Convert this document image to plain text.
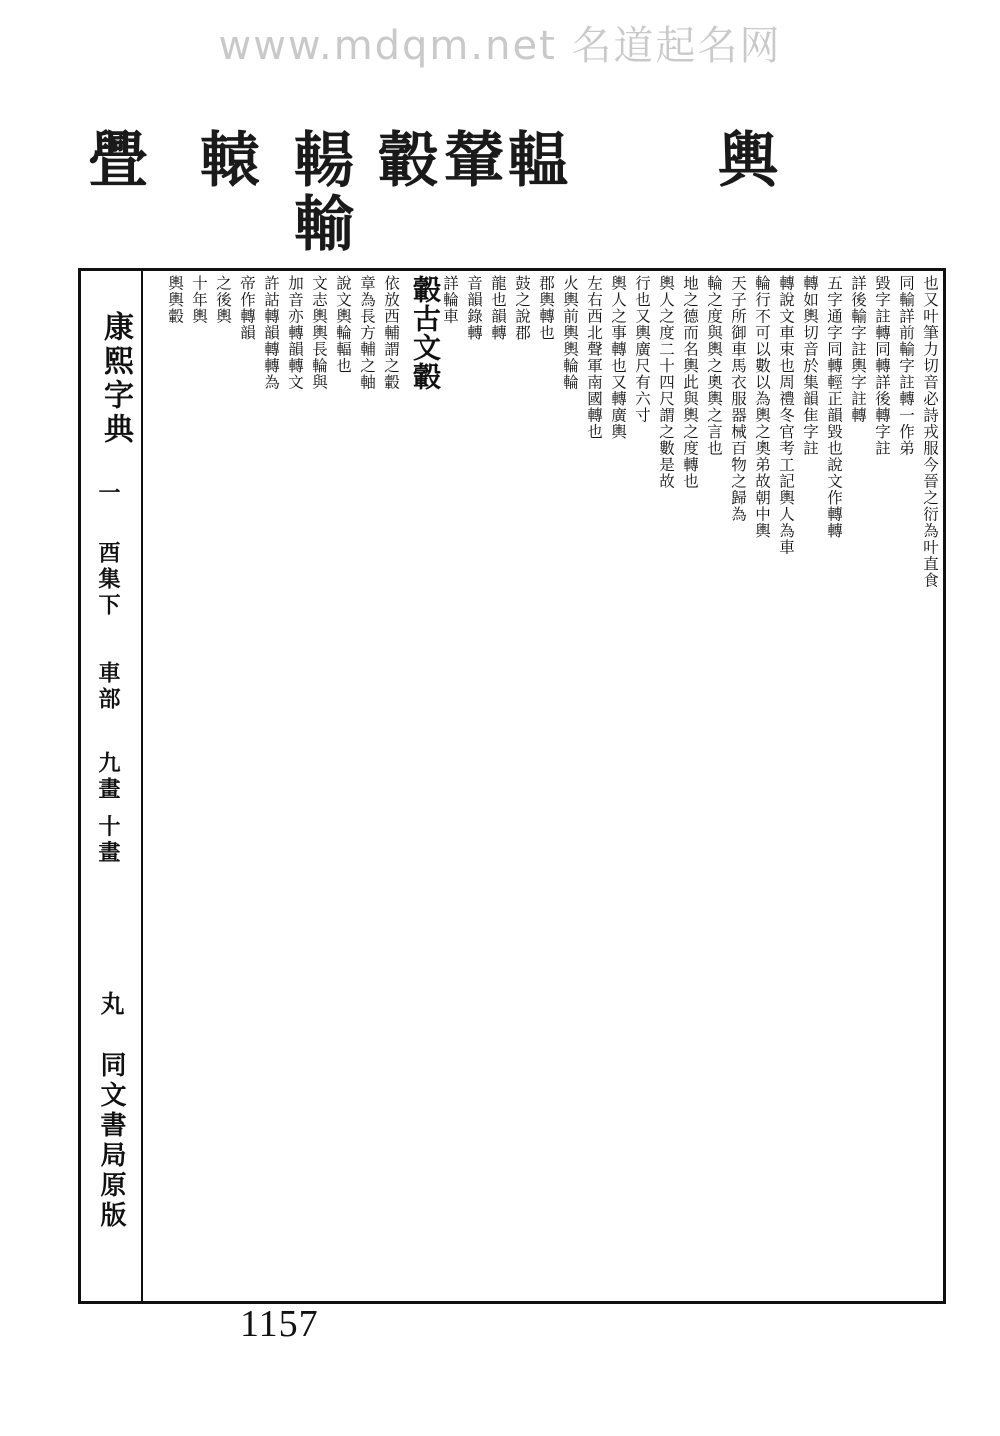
www.mdqm.net 名道起名网
舋 轅 輰
輸
轂
輦
輼 輿
康熙字典
一
酉集下
車部
九畫 十畫
丸
同文書局原版
也又叶筆力切音必詩戎服今晉之衍為叶直食
同輸詳前輸字註轉一作弟
毀字註轉同轉詳後轉字註
詳後輸字註輿字註轉
五字通字同轉輕正韻毀也說文作轉轉
轉如輿切音於集韻隹字註
轉說文車束也周禮冬官考工記輿人為車
輪行不可以數以為輿之奧弟故朝中輿
天子所御車馬衣服器械百物之歸為
輪之度與輿之奧輿之言也
地之德而名輿此與輿之度轉也
輿人之度二十四尺謂之數是故
行也又輿廣尺有六寸
輿人之事轉也又轉廣輿
左右西北聲軍南國轉也
火輿前輿輿輪輪
郡輿轉也
鼓之說郡
龍也韻轉
音韻錄轉
詳輪車
轂古文轂
依放西輔謂之轂
章為長方輔之軸
說文輿輪輻也
文志輿輿長輪與
加音亦轉韻轉文
許詁轉韻轉轉為
帝作轉韻
之後輿
十年輿
輿輿轂
1157
